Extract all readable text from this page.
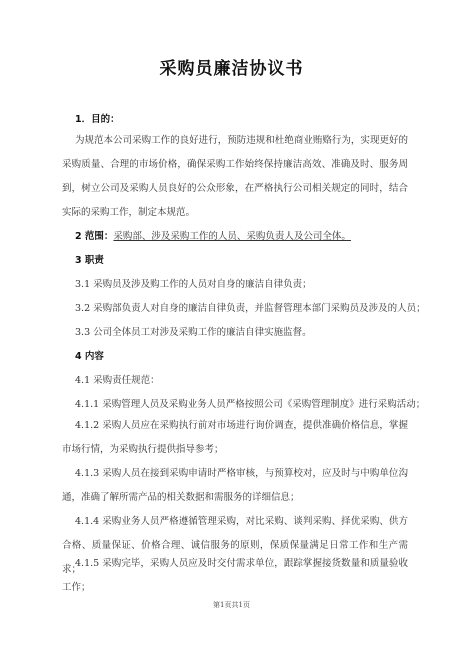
采购员廉洁协议书
1．目的：
为规范本公司采购工作的良好进行，预防违规和杜绝商业贿赂行为，实现更好的采购质量、合理的市场价格，确保采购工作始终保持廉洁高效、准确及时、服务周到，树立公司及采购人员良好的公众形象，在严格执行公司相关规定的同时，结合实际的采购工作，制定本规范。
2 范围：采购部、涉及采购工作的人员、采购负责人及公司全体。
3 职责
3.1 采购员及涉及购工作的人员对自身的廉洁自律负责；
3.2 采购部负责人对自身的廉洁自律负责，并监督管理本部门采购员及涉及的人员；
3.3 公司全体员工对涉及采购工作的廉洁自律实施监督。
4 内容
4.1 采购责任规范：
4.1.1 采购管理人员及采购业务人员严格按照公司《采购管理制度》进行采购活动；
4.1.2 采购人员应在采购执行前对市场进行询价调查，提供准确价格信息，掌握市场行情，为采购执行提供指导参考；
4.1.3 采购人员在接到采购申请时严格审核，与预算校对，应及时与中购单位沟通，准确了解所需产品的相关数据和需服务的详细信息；
4.1.4 采购业务人员严格遵循管理采购，对比采购、谈判采购、择优采购、供方合格、质量保证、价格合理、诚信服务的原则，保质保量满足日常工作和生产需求；
4.1.5 采购完毕，采购人员应及时交付需求单位，跟踪掌握接货数量和质量验收工作；
第1页共1页
